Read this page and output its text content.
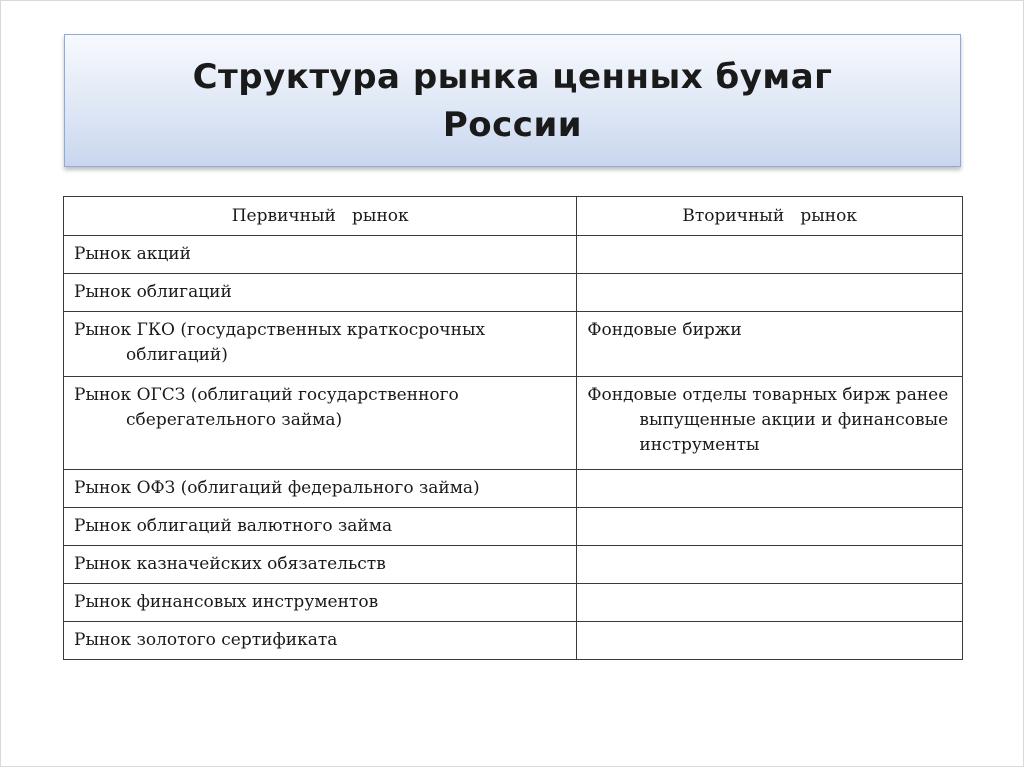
Структура рынка ценных бумаг
России
Первичный   рынок	Вторичный   рынок

Рынок акций	

Рынок облигаций	

Рынок ГКО (государственных краткосрочных облигаций)	Фондовые биржи

Рынок ОГСЗ (облигаций государственного сберегательного займа)	Фондовые отделы товарных бирж ранее выпущенные акции и финансовые инструменты

Рынок ОФЗ (облигаций федерального займа)	

Рынок облигаций валютного займа	

Рынок казначейских обязательств	

Рынок финансовых инструментов	

Рынок золотого сертификата	
